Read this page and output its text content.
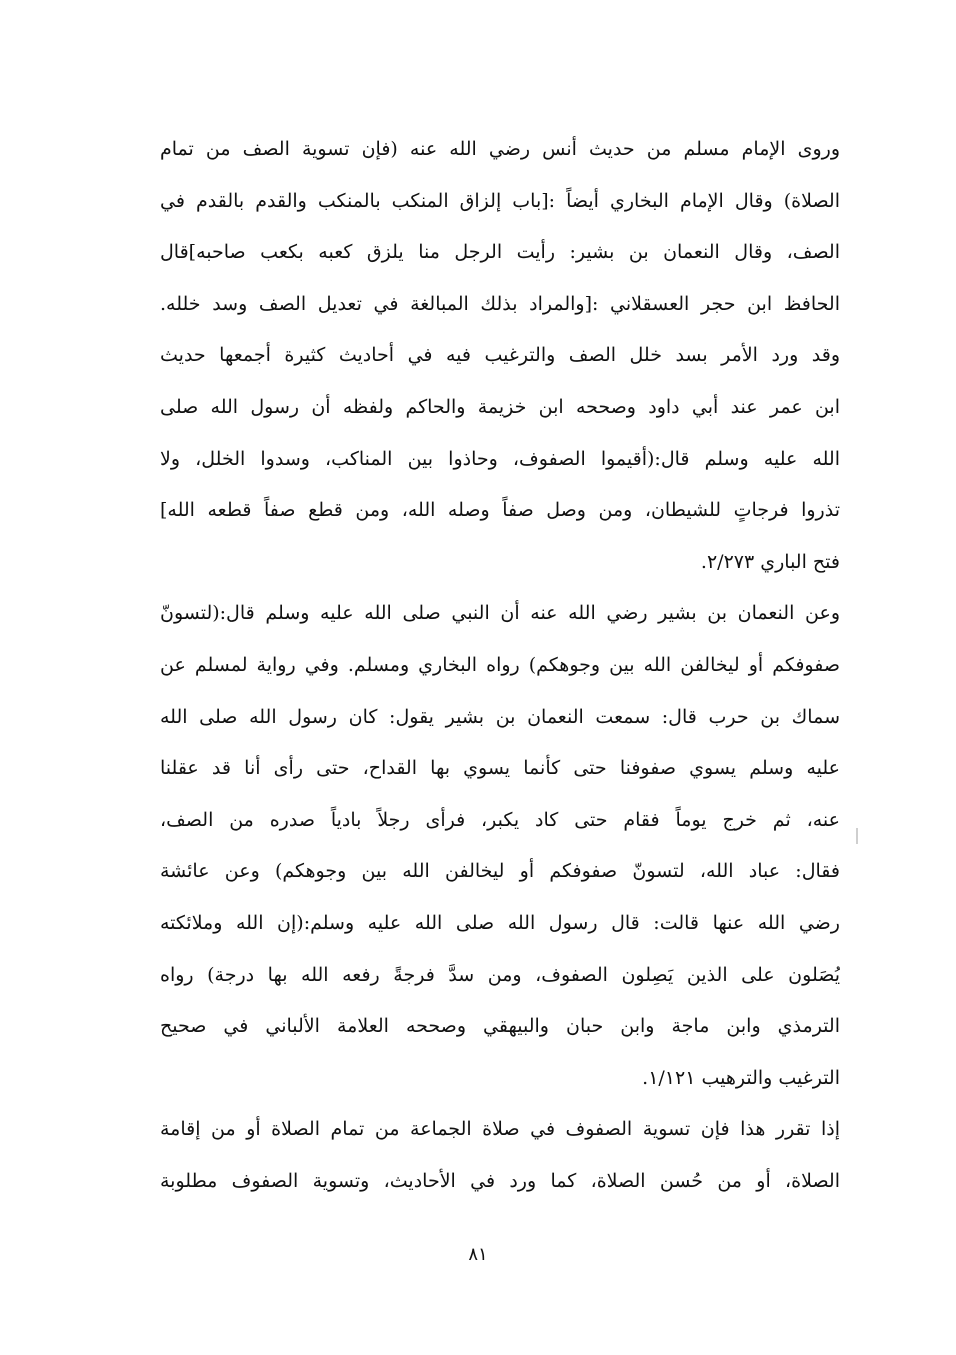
وروى الإمام مسلم من حديث أنس رضي الله عنه (فإن تسوية الصف من تمام
الصلاة) وقال الإمام البخاري أيضاً :[باب إلزاق المنكب بالمنكب والقدم بالقدم في
الصف، وقال النعمان بن بشير: رأيت الرجل منا يلزق كعبه بكعب صاحبه]قال
الحافظ ابن حجر العسقلاني :[والمراد بذلك المبالغة في تعديل الصف وسد خلله.
وقد ورد الأمر بسد خلل الصف والترغيب فيه في أحاديث كثيرة أجمعها حديث
ابن عمر عند أبي داود وصححه ابن خزيمة والحاكم ولفظه أن رسول الله صلى
الله عليه وسلم قال:(أقيموا الصفوف، وحاذوا بين المناكب، وسدوا الخلل، ولا
تذروا فرجاتٍ للشيطان، ومن وصل صفاً وصله الله، ومن قطع صفاً قطعه الله]
فتح الباري ٢/٢٧٣.
وعن النعمان بن بشير رضي الله عنه أن النبي صلى الله عليه وسلم قال:(لتسونّ
صفوفكم أو ليخالفن الله بين وجوهكم) رواه البخاري ومسلم. وفي رواية لمسلم عن
سماك بن حرب قال: سمعت النعمان بن بشير يقول: كان رسول الله صلى الله
عليه وسلم يسوي صفوفنا حتى كأنما يسوي بها القداح، حتى رأى أنا قد عقلنا
عنه، ثم خرج يوماً فقام حتى كاد يكبر، فرأى رجلاً بادياً صدره من الصف،
فقال: عباد الله، لتسونّ صفوفكم أو ليخالفن الله بين وجوهكم) وعن عائشة
رضي الله عنها قالت: قال رسول الله صلى الله عليه وسلم:(إن الله وملائكته
يُصَلون على الذين يَصِلون الصفوف، ومن سدَّ فرجةً رفعه الله بها درجة) رواه
الترمذي وابن ماجة وابن حبان والبيهقي وصححه العلامة الألباني في صحيح
الترغيب والترهيب ١/١٢١.
إذا تقرر هذا فإن تسوية الصفوف في صلاة الجماعة من تمام الصلاة أو من إقامة
الصلاة، أو من حُسن الصلاة، كما ورد في الأحاديث، وتسوية الصفوف مطلوبة
٨١
